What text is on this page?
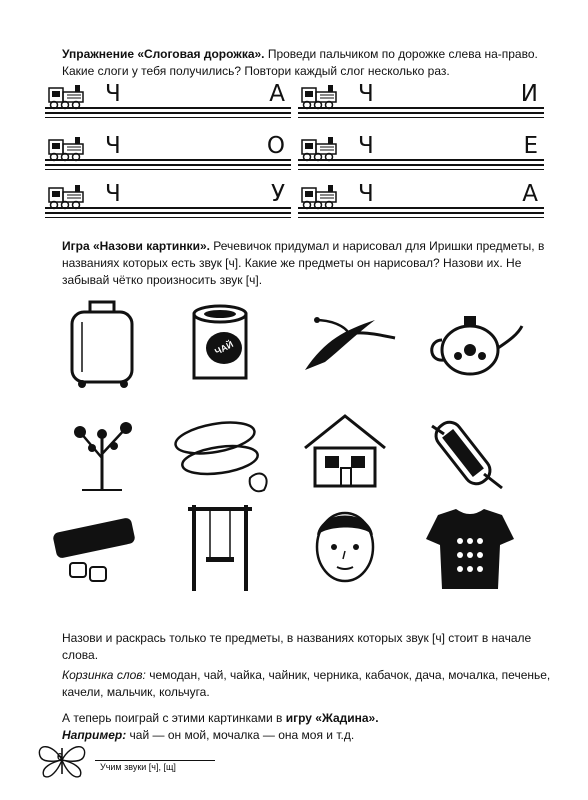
Упражнение «Слоговая дорожка». Проведи пальчиком по дорожке слева на-право. Какие слоги у тебя получились? Повтори каждый слог несколько раз.
Ч	А	Ч	И
Ч	О	Ч	Е
Ч	У	Ч	А
Игра «Назови картинки». Речевичок придумал и нарисовал для Иришки предметы, в названиях которых есть звук [ч]. Какие же предметы он нарисовал? Назови их. Не забывай чётко произносить звук [ч].
ЧАЙ
Назови и раскрась только те предметы, в названиях которых звук [ч] стоит в начале слова.
Корзинка слов: чемодан, чай, чайка, чайник, черника, кабачок, дача, мочалка, печенье, качели, мальчик, кольчуга.
А теперь поиграй с этими картинками в игру «Жадина».
Например: чай — он мой, мочалка — она моя и т.д.
6
Учим звуки [ч], [щ]
